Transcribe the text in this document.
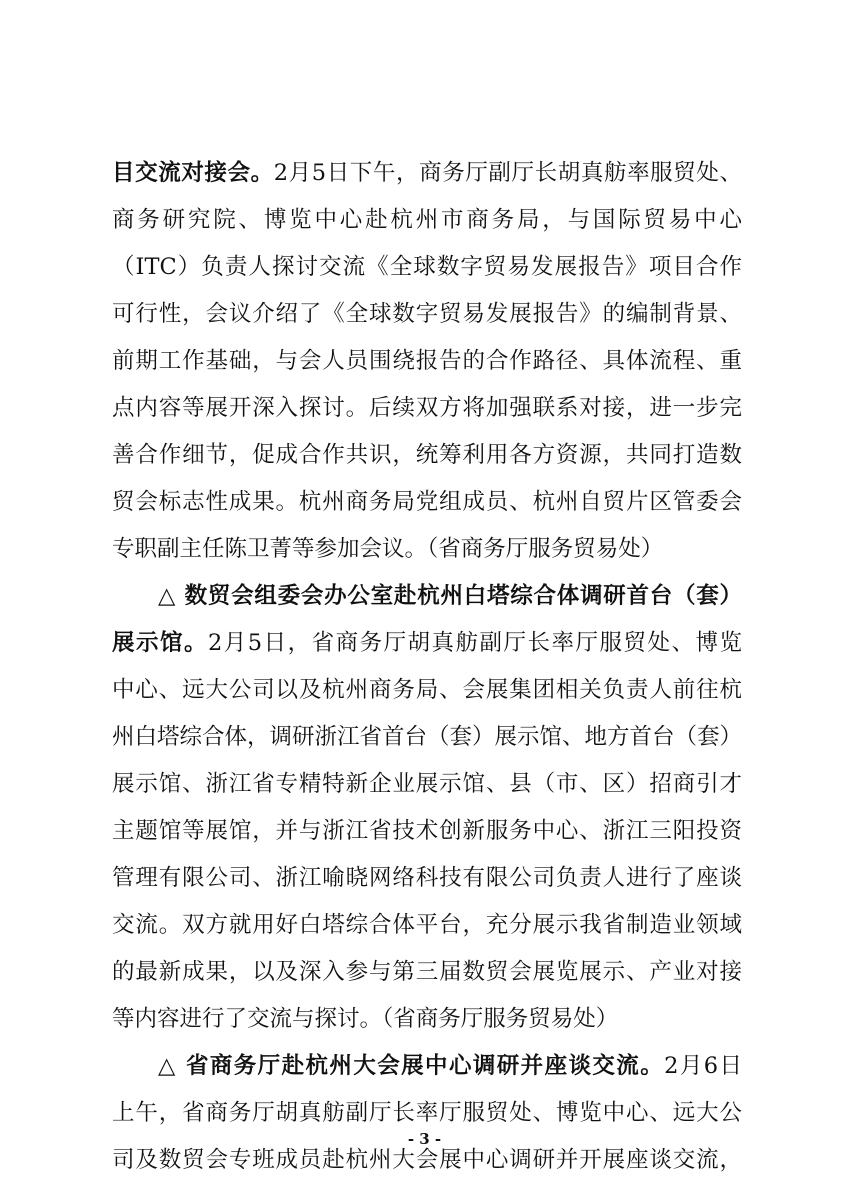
目交流对接会。2月5日下午，商务厅副厅长胡真舫率服贸处、
商务研究院、博览中心赴杭州市商务局，与国际贸易中心
（ITC）负责人探讨交流《全球数字贸易发展报告》项目合作
可行性，会议介绍了《全球数字贸易发展报告》的编制背景、
前期工作基础，与会人员围绕报告的合作路径、具体流程、重
点内容等展开深入探讨。后续双方将加强联系对接，进一步完
善合作细节，促成合作共识，统筹利用各方资源，共同打造数
贸会标志性成果。杭州商务局党组成员、杭州自贸片区管委会
专职副主任陈卫菁等参加会议。（省商务厅服务贸易处）
△ 数贸会组委会办公室赴杭州白塔综合体调研首台（套）
展示馆。2月5日，省商务厅胡真舫副厅长率厅服贸处、博览
中心、远大公司以及杭州商务局、会展集团相关负责人前往杭
州白塔综合体，调研浙江省首台（套）展示馆、地方首台（套）
展示馆、浙江省专精特新企业展示馆、县（市、区）招商引才
主题馆等展馆，并与浙江省技术创新服务中心、浙江三阳投资
管理有限公司、浙江喻晓网络科技有限公司负责人进行了座谈
交流。双方就用好白塔综合体平台，充分展示我省制造业领域
的最新成果，以及深入参与第三届数贸会展览展示、产业对接
等内容进行了交流与探讨。（省商务厅服务贸易处）
△ 省商务厅赴杭州大会展中心调研并座谈交流。2月6日
上午，省商务厅胡真舫副厅长率厅服贸处、博览中心、远大公
司及数贸会专班成员赴杭州大会展中心调研并开展座谈交流，
- 3 -
